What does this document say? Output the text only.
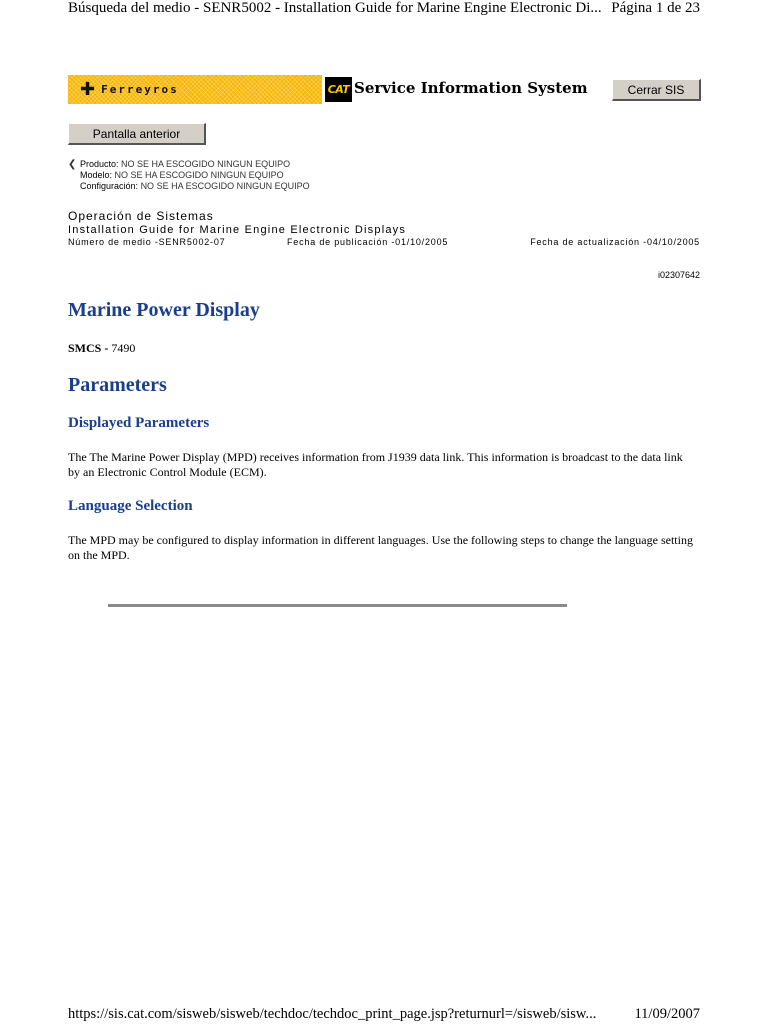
Búsqueda del medio - SENR5002 - Installation Guide for Marine Engine Electronic Di... Página 1 de 23
✚ Ferreyros	CAT Service Information System	Cerrar SIS
Pantalla anterior
❮ Producto: NO SE HA ESCOGIDO NINGUN EQUIPO
Modelo: NO SE HA ESCOGIDO NINGUN EQUIPO
Configuración: NO SE HA ESCOGIDO NINGUN EQUIPO
Operación de Sistemas
Installation Guide for Marine Engine Electronic Displays
Número de medio -SENR5002-07	Fecha de publicación -01/10/2005	Fecha de actualización -04/10/2005
i02307642
Marine Power Display
SMCS - 7490
Parameters
Displayed Parameters

The The Marine Power Display (MPD) receives information from J1939 data link. This information is broadcast to the data link by an Electronic Control Module (ECM).

Language Selection

The MPD may be configured to display information in different languages. Use the following steps to change the language setting on the MPD.

https://sis.cat.com/sisweb/sisweb/techdoc/techdoc_print_page.jsp?returnurl=/sisweb/sisw...	11/09/2007
